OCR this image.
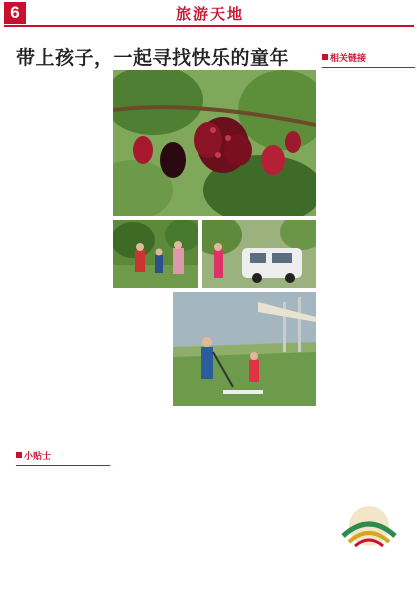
6	旅游天地
带上孩子，一起寻找快乐的童年
小贴士
相关链接
